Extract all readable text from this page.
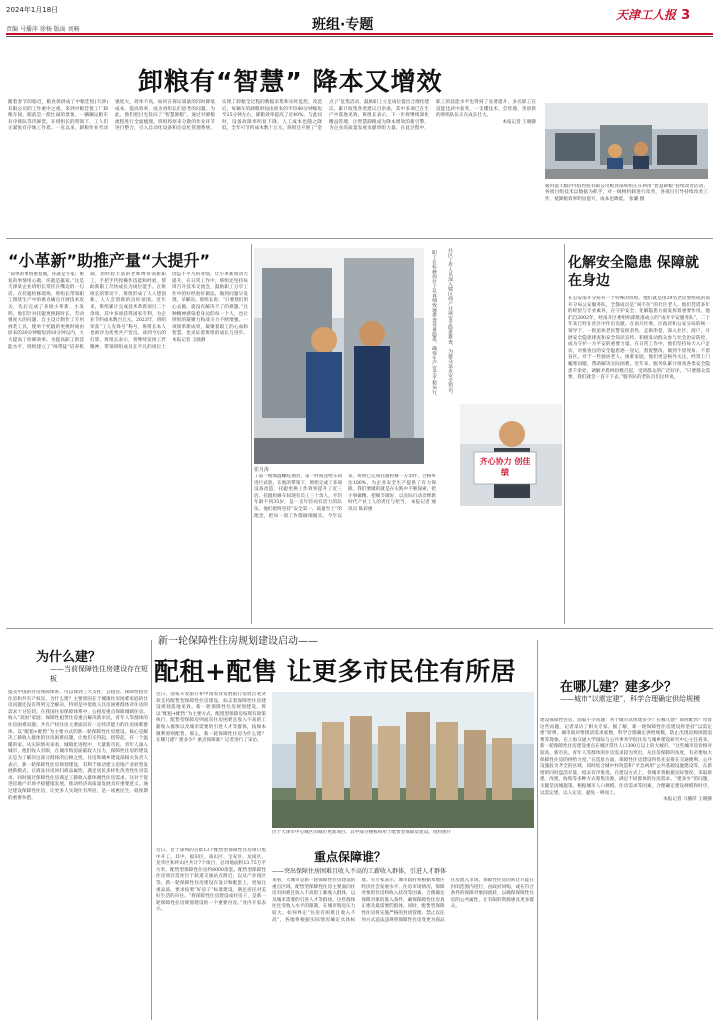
2024年1月18日
责编 马播萍 徐杨 版面 刘畅	班组·专题
天津工人报 3
卸粮有“智慧” 降本又增效
随着春节的临近，粮食保供成了中粮佳悦(天津)有限公司的工作重中之重。来到中粮佳悦工厂卸粮车间，眼前是一派忙碌的景象，一辆辆运粮车有序排队等待卸货。在班组长的带领下，工人们正紧张有序地工作着。一直以来，卸粮作业劳动强度大、效率不高，如何在保证质量的同时降低成本、提高效率，成为班组长们思考的问题。为此，他们把目光投向了“智慧卸粮”。通过对卸粮流程进行全面梳理，班组将原来分散的作业环节进行整合，引入自动化设备和信息化管理系统，实现了卸粮全过程的数据采集和实时监控。改造后，每辆车的卸粮时间由原来的平均40分钟缩短至25分钟左右，卸粮效率提高了近40%。与此同时，设备故障率明显下降，人工成本也随之降低，全年可节约成本数十万元。班组还开展了“金点子”征集活动，鼓励职工立足岗位提出合理化建议，累计收集各类建议百余条，其中多项已在生产中落地见效。班组长表示，下一步将继续深化精益管理，让智慧卸粮成为降本增效的新引擎，为企业高质量发展贡献班组力量。在此过程中，职工的技能水平也得到了显著提升，多名职工在技能比武中获奖，一支懂技术、会管理、善创新的班组队伍正在成长壮大。
本报记者 王晓静
通用爱丰粮(中国)控股有限公司粮食部班组正在利用“智慧卸粮”持续改善活动，各项目组技术以数据为抓手，对一线物料卸进行改善，各项目引导持续改善工作，使卸粮效率明显提升，成本也降低。 张璐 摄
“小革新”助推产量“大提升”
“简单的事情重复做，你就是专家；重复的事情用心做，你就是赢家。”这是天津某企业班组长常挂在嘴边的一句话。在托辊检修现场，班组长带领职工围绕生产中的难点痛点开展技术攻关，先后完成了多项小革新、小发明。他们针对托辊更换耗时长、劳动强度大的问题，自主设计制作了专用拆装工具，使单个托辊的更换时间由原来的30分钟缩短到10分钟以内，大大提高了检修效率。为提高职工的技能水平，班组建立了“师带徒”培养机制，由经验丰富的老师傅带领新职工，手把手传授操作技能和经验，帮助新职工尽快成长为岗位能手。在班组长的带动下，班组形成了人人想创新、人人会创新的良好氛围。近年来，班组累计完成技术革新项目二十余项，其中多项获得国家专利，为企业节约成本数百万元。2023年，班组荣获“工人先锋号”称号，班组长本人也被评为优秀共产党员。谈到今后的打算，班组长表示，将继续发扬工匠精神，带领班组成员在平凡的岗位上创造不平凡的业绩，让小革新推动大提升。在日常工作中，班组还坚持每周召开技术交流会，鼓励职工分享工作中的好经验好做法，做到问题早发现、早解决。班组长说：“只要我们用心去做，就没有解决不了的难题。”这种精神感染着身边的每一个人，也让班组的凝聚力和战斗力不断增强。一项项革新成果，凝聚着职工的心血和智慧，也见证着班组的成长与进步。 本报记者 王晓静	职工在检修岗位上认真细致地排查设备隐患，确保生产安全平稳运行。
张月涛
了第一根细温螺纹抽管，第一时间送给车间进行试验。在他的带领下，班组完成了多项设备改造，托辊更换工作效率提升了近三倍。托辊检修车间现有员工三十余人，平均年龄不到35岁，是一支年轻而有活力的队伍。他们始终坚持“安全第一、质量至上”的理念，把每一项工作都做细做实。今年以来，班组已完成托辊检修一万余件，合格率达100%，为企业安全生产提供了有力保障。我们要做的就是在实践中不断探索，把小事做精、把细节做好，以实际行动诠释新时代产业工人的责任与担当。 本报记者 通讯员 陈彩惠
化解安全隐患 保障就在身边
社区工作人员深入辖区商户开展安全隐患排查，为群众送去安全知识。
齐心协力 创佳绩
在公安南开分局有一个特殊的班组，他们就是由29名老民警组成的南开分局公安服务队，全都成员是“闲不住”的社区老人。他们凭借多年的经验与专业素养，在守护安全、化解隐患方面发挥着重要作用。他们自2002年，经南开区委组织部批准成立的“南开平安服务队”，二十年来已经在社区中作出贡献。在南开区委、区政府和公安分局的统一领导下，一批退休老民警发挥余热，走街串巷，深入社区、商户，开展安全隐患排查和安全知识宣传，积极发动群众参与社会治安防控，成为守护一方平安的重要力量。在日常工作中，他们坚持每天入户走访，对排查出的安全隐患逐一登记，督促整改，做到不留死角、不留盲区。对于一些独居老人、困难家庭，他们更是格外关注，经常上门嘘寒问暖，帮助解决实际困难。近年来，服务队累计排查各类安全隐患千余处，调解矛盾纠纷数百起，受到群众的广泛好评。“只要群众需要，我们就会一直干下去。”服务队的老队员们这样说。
为什么建？
——当前保障性住房建设存在短板
提及中国的住房保障体系，可以谈到三大支柱：公租房、保障性租赁住房和共有产权房。为什么建？主要原因在于城镇住房困难家庭的住房问题还没有得到完全解决，特别是中低收入住房困难群体对住房的需求十分迫切。在我国住房保障体系中，公租房重点保障城镇住房、收入“双困”家庭；保障性租赁住房重点解决新市民、青年人等群体的住房困难问题；共有产权住房主要面向有一定经济能力的住房困难群体。以“配租+配售”为主要方式的新一轮保障性住房建设，核心是解决工薪收入群体的住房困难问题，让他们买得起、租得起，有一个温暖的家。从实际情况来看，城镇化进程中，大量新市民、青年人涌入城市，他们收入有限，在城市购房面临较大压力，保障性住房的建设正是为了解决这部分群体的后顾之忧。住房和城乡建设部相关负责人表示，新一轮保障性住房规划建设，有利于推动建立房地产业转型发展新模式，让商品住房回归商品属性，满足居民多样化改善性住房需求，同时通过保障性住房满足工薪收入群体刚性住房需求。这对于促进房地产市场平稳健康发展、推动经济高质量发展具有重要意义。通过建设保障性住房，让更多人实现住有所居，是一项惠民生、稳预期的重要举措。
新一轮保障性住房规划建设启动——
配租+配售 让更多市民住有所居
近日，国家开发银行和中国农业发展银行发放首笔贷款支持配售型保障性住房建设，标志着保障性住房建设规划落地见效。新一轮保障性住房规划建设，将以“配租+配售”为主要方式，配租型保障房按现有政策执行，配售型保障房则面向住房困难且收入不高的工薪收入群体以及城市需要的引进人才等群体，按保本微利原则配售。那么，新一轮保障性住房为什么建？在哪儿建？建多少？重点保障谁？记者进行了采访。
位于天津市中心城区的城市更新项目，其中部分楼栋将用于配售型保障房建设。资料图片
重点保障谁？
——突出保障住房困难且收入不高的工薪收入群体，引进人才群体
近日，位于深圳的首批13个配售型保障性住房项目集中开工。其中，福田区、南山区、宝安区、龙岗区、龙华区和坪山区共计7个项目，总用地面积13.75万平方米，配售型保障性住房约8000余套。配售型保障性住房项目选址位于轨道交通站点附近，以及产业园区等。新一轮保障性住房建设在设计和配套上，更加注重品质，要求按照“好房子”标准建设，满足居民对美好生活的向往。“将保障性住房建设成好房子，是新一轮保障性住房规划建设的一个重要内容。”业内专家表示。
来看，大城市是新一轮保障性住房建设的重点区域。配售型保障性住房主要面向住房有困难且收入不高的工薪收入群体，以及城市需要的引进人才等群体。这些群体往往受收入水平的限制，在城市购房压力较大。如何界定“住房有困难且收入不高”，各地将根据实际情况确定具体标准。有专家表示，城市政府将根据本地区经济社会发展水平、住房市场情况、保障对象的住房和收入状况等因素，合理确定保障对象的准入条件，确保保障性住房真正惠及最需要的群体。同时，配售型保障性住房将实施严格的封闭管理，禁止以任何方式违法违规将保障性住房变更为商品住房流入市场。保障性住房的转让只能在封闭范围内进行，由政府回购，或在符合条件的保障对象间流转，以确保保障性住房的公共属性，让有限的资源惠及更多群众。
在哪儿建？建多少？
——城市“以需定建”，科学合理确定供给规模
建设保障性住房，面临不少问题：各个城市具体建多少？在哪儿建？如何配售？带着这些问题，记者采访了相关专家。据了解，新一轮保障性住房建设将坚持“以需定建”原则，城市政府要摸清需求底数，科学合理确定供给规模，防止出现房源闲置浪费等现象。在上海交通大学国际与公共事务学院住房与城乡建设研究中心主任看来，新一轮保障性住房建设重点在城区常住人口300万以上的大城市，“这些城市房价相对较高，新市民、青年人等群体的住房需求较为突出，从住房保障的角度，有必要加大保障性住房的供给力度。”在选址方面，保障性住房建设将优先安排在交通便利、公共设施较为齐全的区域，同时结合城中村改造和“平急两用”公共基础设施建设等，在新增的同时盘活存量，稳妥有序推进。在建设方式上，各城市将根据实际情况，采取新建、改建、收购等多种方式筹集房源，满足不同群体的住房需求。“建多少”的问题，关键是因城施策，根据城市人口规模、住房需求等因素，合理确定建设规模和时序，以需定建、以人定房，避免一哄而上。
本报记者 马播萍 王晓静
